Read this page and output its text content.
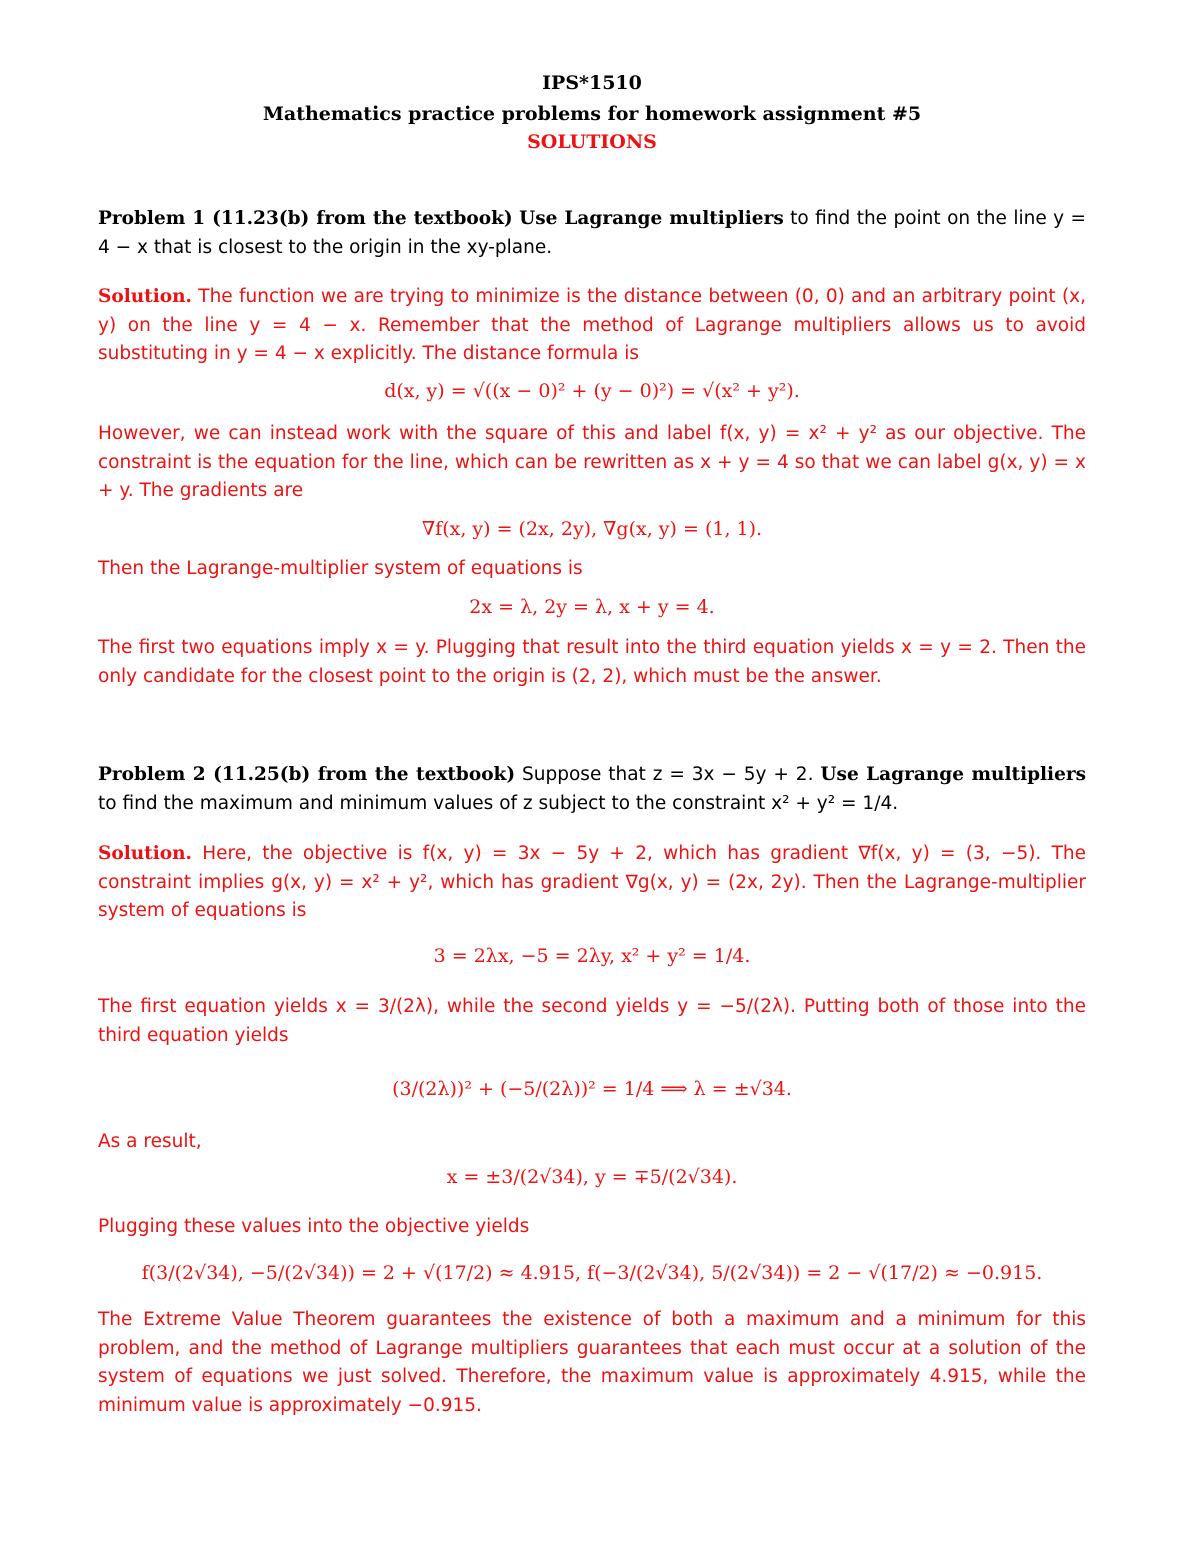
IPS*1510
Mathematics practice problems for homework assignment #5
SOLUTIONS
Problem 1 (11.23(b) from the textbook) Use Lagrange multipliers to find the point on the line y = 4 − x that is closest to the origin in the xy-plane.
Solution. The function we are trying to minimize is the distance between (0, 0) and an arbitrary point (x, y) on the line y = 4 − x. Remember that the method of Lagrange multipliers allows us to avoid substituting in y = 4 − x explicitly. The distance formula is
d(x, y) = √((x − 0)² + (y − 0)²) = √(x² + y²).
However, we can instead work with the square of this and label f(x, y) = x² + y² as our objective. The constraint is the equation for the line, which can be rewritten as x + y = 4 so that we can label g(x, y) = x + y. The gradients are
∇f(x, y) = (2x, 2y), ∇g(x, y) = (1, 1).
Then the Lagrange-multiplier system of equations is
2x = λ, 2y = λ, x + y = 4.
The first two equations imply x = y. Plugging that result into the third equation yields x = y = 2. Then the only candidate for the closest point to the origin is (2, 2), which must be the answer.
Problem 2 (11.25(b) from the textbook) Suppose that z = 3x − 5y + 2. Use Lagrange multipliers to find the maximum and minimum values of z subject to the constraint x² + y² = 1/4.
Solution. Here, the objective is f(x, y) = 3x − 5y + 2, which has gradient ∇f(x, y) = (3, −5). The constraint implies g(x, y) = x² + y², which has gradient ∇g(x, y) = (2x, 2y). Then the Lagrange-multiplier system of equations is
3 = 2λx, −5 = 2λy, x² + y² = 1/4.
The first equation yields x = 3/(2λ), while the second yields y = −5/(2λ). Putting both of those into the third equation yields
(3/(2λ))² + (−5/(2λ))² = 1/4 ⟹ λ = ±√34.
As a result,
x = ±3/(2√34), y = ∓5/(2√34).
Plugging these values into the objective yields
f(3/(2√34), −5/(2√34)) = 2 + √(17/2) ≈ 4.915, f(−3/(2√34), 5/(2√34)) = 2 − √(17/2) ≈ −0.915.
The Extreme Value Theorem guarantees the existence of both a maximum and a minimum for this problem, and the method of Lagrange multipliers guarantees that each must occur at a solution of the system of equations we just solved. Therefore, the maximum value is approximately 4.915, while the minimum value is approximately −0.915.
